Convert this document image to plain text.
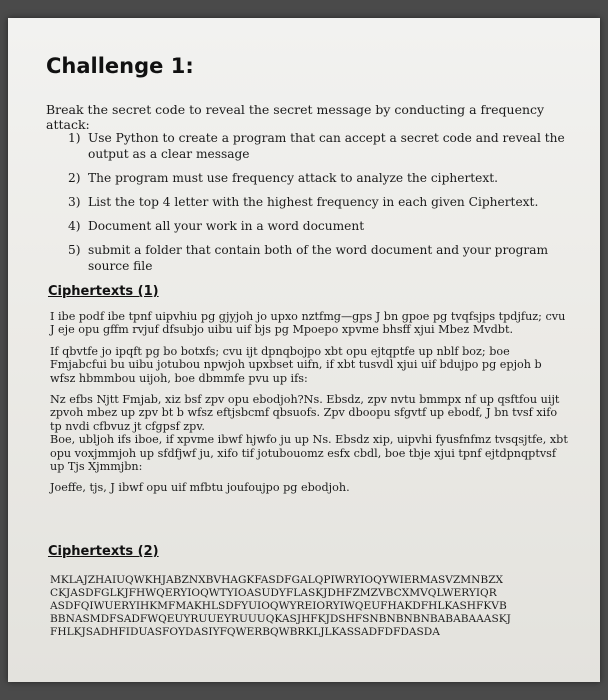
Challenge 1:
Break the secret code to reveal the secret message by conducting a frequency attack:
1) Use Python to create a program that can accept a secret code and reveal the output as a clear message
2) The program must use frequency attack to analyze the ciphertext.
3) List the top 4 letter with the highest frequency in each given Ciphertext.
4) Document all your work in a word document
5) submit a folder that contain both of the word document and your program source file
Ciphertexts (1)

I ibe podf ibe tpnf uipvhiu pg gjyjoh jo upxo nztfmg—gps J bn gpoe pg tvqfsjps tpdjfuz; cvu J eje opu gffm rvjuf dfsubjo uibu uif bjs pg Mpoepo xpvme bhsff xjui Mbez Mvdbt.

If qbvtfe jo ipqft pg bo botxfs; cvu ijt dpnqbojpo xbt opu ejtqptfe up nblf boz; boe Fmjabcfui bu uibu jotubou npwjoh upxbset uifn, if xbt tusvdl xjui uif bdujpo pg epjoh b wfsz hbmmbou uijoh, boe dbmmfe pvu up ifs:

Nz efbs Njtt Fmjab, xiz bsf zpv opu ebodjoh?Ns. Ebsdz, zpv nvtu bmmpx nf up qsftfou uijt zpvoh mbez up zpv bt b wfsz eftjsbcmf qbsuofs. Zpv dboopu sfgvtf up ebodf, J bn tvsf xifo tp nvdi cfbvuz jt cfgpsf zpv.

Boe, ubljoh ifs iboe, if xpvme ibwf hjwfo ju up Ns. Ebsdz xip, uipvhi fyusfnfmz tvsqsjtfe, xbt opu voxjmmjoh up sfdfjwf ju, xifo tif jotubouomz esfx cbdl, boe tbje xjui tpnf ejtdpnqptvsf up Tjs Xjmmjbn:

Joeffe, tjs, J ibwf opu uif mfbtu joufoujpo pg ebodjoh.

Ciphertexts (2)
MKLAJZHAIUQWKHJABZNXBVHAGKFASDFGALQPIWRYIOQYWIERMASVZMNBZX
CKJASDFGLKJFHWQERYIOQWTYIOASUDYFLASKJDHFZMZVBCXMVQLWERYIQR
ASDFQIWUERYIHKMFMAKHLSDFYUIOQWYREIORYIWQEUFHAKDFHLKASHFKVB
BBNASMDFSADFWQEUYRUUEYRUUUQKASJHFKJDSHFSNBNBNBNBABABAAASKJ
FHLKJSADHFIDUASFOYDASIYFQWERBQWBRKLJLKASSADFDFDASDA
